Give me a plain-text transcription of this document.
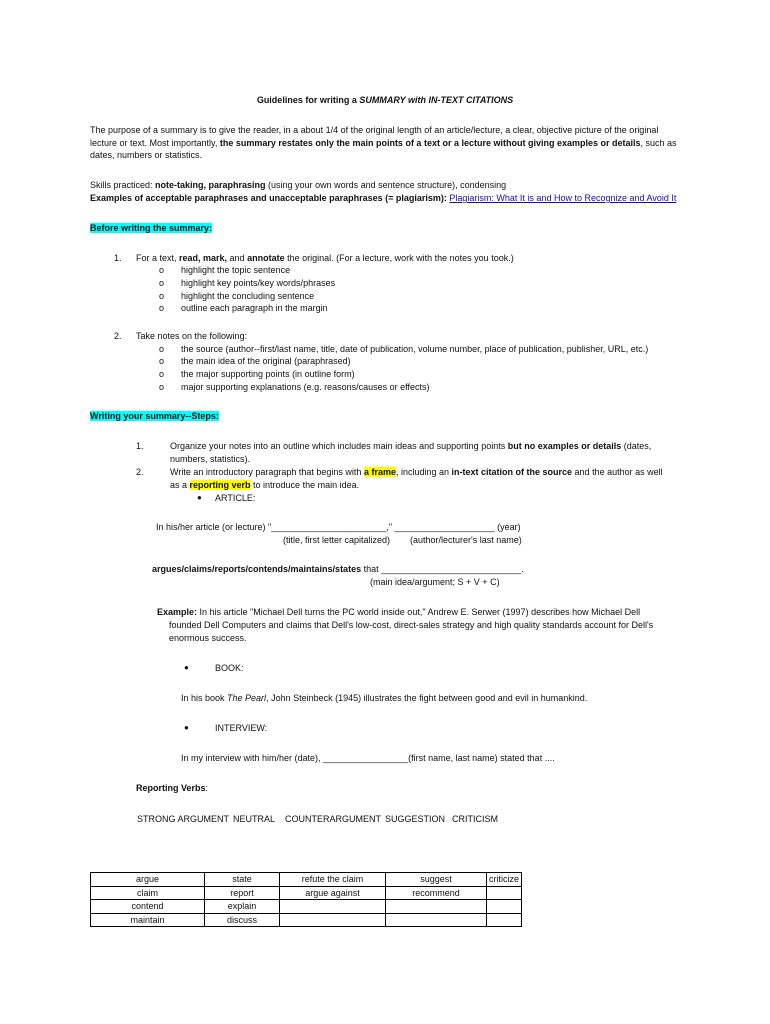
Guidelines for writing a SUMMARY with IN-TEXT CITATIONS
The purpose of a summary is to give the reader, in a about 1/4 of the original length of an article/lecture, a clear, objective picture of the original
lecture or text. Most importantly, the summary restates only the main points of a text or a lecture without giving examples or details, such as
dates, numbers or statistics.
Skills practiced: note-taking, paraphrasing (using your own words and sentence structure), condensing
Examples of acceptable paraphrases and unacceptable paraphrases (= plagiarism): Plagiarism: What It is and How to Recognize and Avoid It
Before writing the summary:
1.	For a text, read, mark, and annotate the original. (For a lecture, work with the notes you took.)
o highlight the topic sentence
o highlight key points/key words/phrases
o highlight the concluding sentence
o outline each paragraph in the margin
2.	Take notes on the following:
o the source (author--first/last name, title, date of publication, volume number, place of publication, publisher, URL, etc.)
o the main idea of the original (paraphrased)
o the major supporting points (in outline form)
o major supporting explanations (e.g. reasons/causes or effects)
Writing your summary--Steps:
1.	Organize your notes into an outline which includes main ideas and supporting points but no examples or details (dates,
numbers, statistics).
2.	Write an introductory paragraph that begins with a frame, including an in-text citation of the source and the author as well
as a reporting verb to introduce the main idea.
● ARTICLE:
In his/her article (or lecture) "_______________________," ____________________ (year)
(title, first letter capitalized) (author/lecturer's last name)
argues/claims/reports/contends/maintains/states that ____________________________.
(main idea/argument; S + V + C)
Example: In his article "Michael Dell turns the PC world inside out," Andrew E. Serwer (1997) describes how Michael Dell
founded Dell Computers and claims that Dell's low-cost, direct-sales strategy and high quality standards account for Dell's
enormous success.
●	BOOK:
In his book The Pearl, John Steinbeck (1945) illustrates the fight between good and evil in humankind.
●	INTERVIEW:
In my interview with him/her (date), _________________(first name, last name) stated that ....
Reporting Verbs:
STRONG ARGUMENT NEUTRAL COUNTERARGUMENT SUGGESTION CRITICISM
argue	state	refute the claim	suggest	criticize
claim	report	argue against	recommend	
contend	explain			
maintain	discuss			
